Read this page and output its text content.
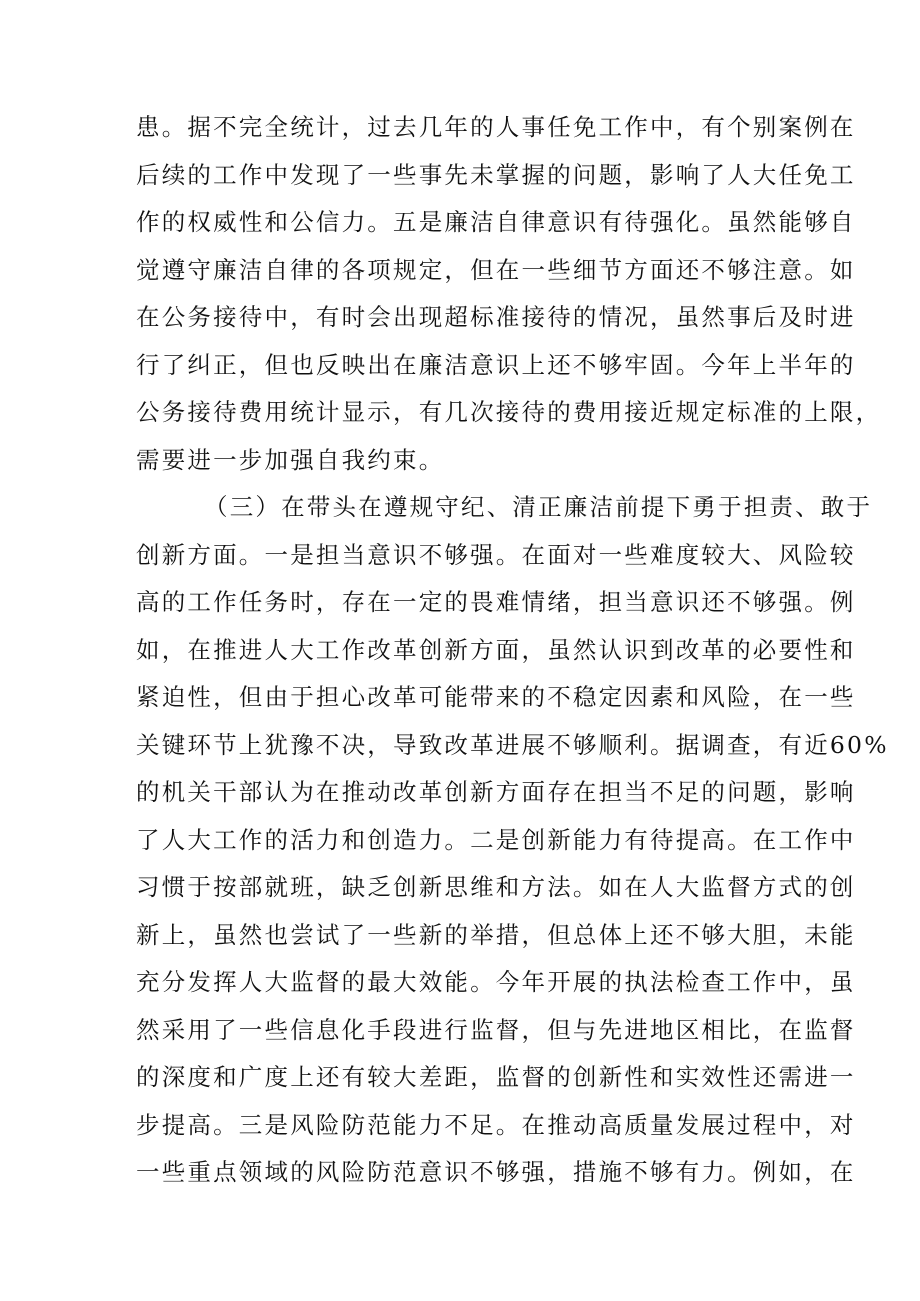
患。据不完全统计，过去几年的人事任免工作中，有个别案例在
后续的工作中发现了一些事先未掌握的问题，影响了人大任免工
作的权威性和公信力。五是廉洁自律意识有待强化。虽然能够自
觉遵守廉洁自律的各项规定，但在一些细节方面还不够注意。如
在公务接待中，有时会出现超标准接待的情况，虽然事后及时进
行了纠正，但也反映出在廉洁意识上还不够牢固。今年上半年的
公务接待费用统计显示，有几次接待的费用接近规定标准的上限，
需要进一步加强自我约束。
（三）在带头在遵规守纪、清正廉洁前提下勇于担责、敢于
创新方面。一是担当意识不够强。在面对一些难度较大、风险较
高的工作任务时，存在一定的畏难情绪，担当意识还不够强。例
如，在推进人大工作改革创新方面，虽然认识到改革的必要性和
紧迫性，但由于担心改革可能带来的不稳定因素和风险，在一些
关键环节上犹豫不决，导致改革进展不够顺利。据调查，有近60%
的机关干部认为在推动改革创新方面存在担当不足的问题，影响
了人大工作的活力和创造力。二是创新能力有待提高。在工作中
习惯于按部就班，缺乏创新思维和方法。如在人大监督方式的创
新上，虽然也尝试了一些新的举措，但总体上还不够大胆，未能
充分发挥人大监督的最大效能。今年开展的执法检查工作中，虽
然采用了一些信息化手段进行监督，但与先进地区相比，在监督
的深度和广度上还有较大差距，监督的创新性和实效性还需进一
步提高。三是风险防范能力不足。在推动高质量发展过程中，对
一些重点领域的风险防范意识不够强，措施不够有力。例如，在
